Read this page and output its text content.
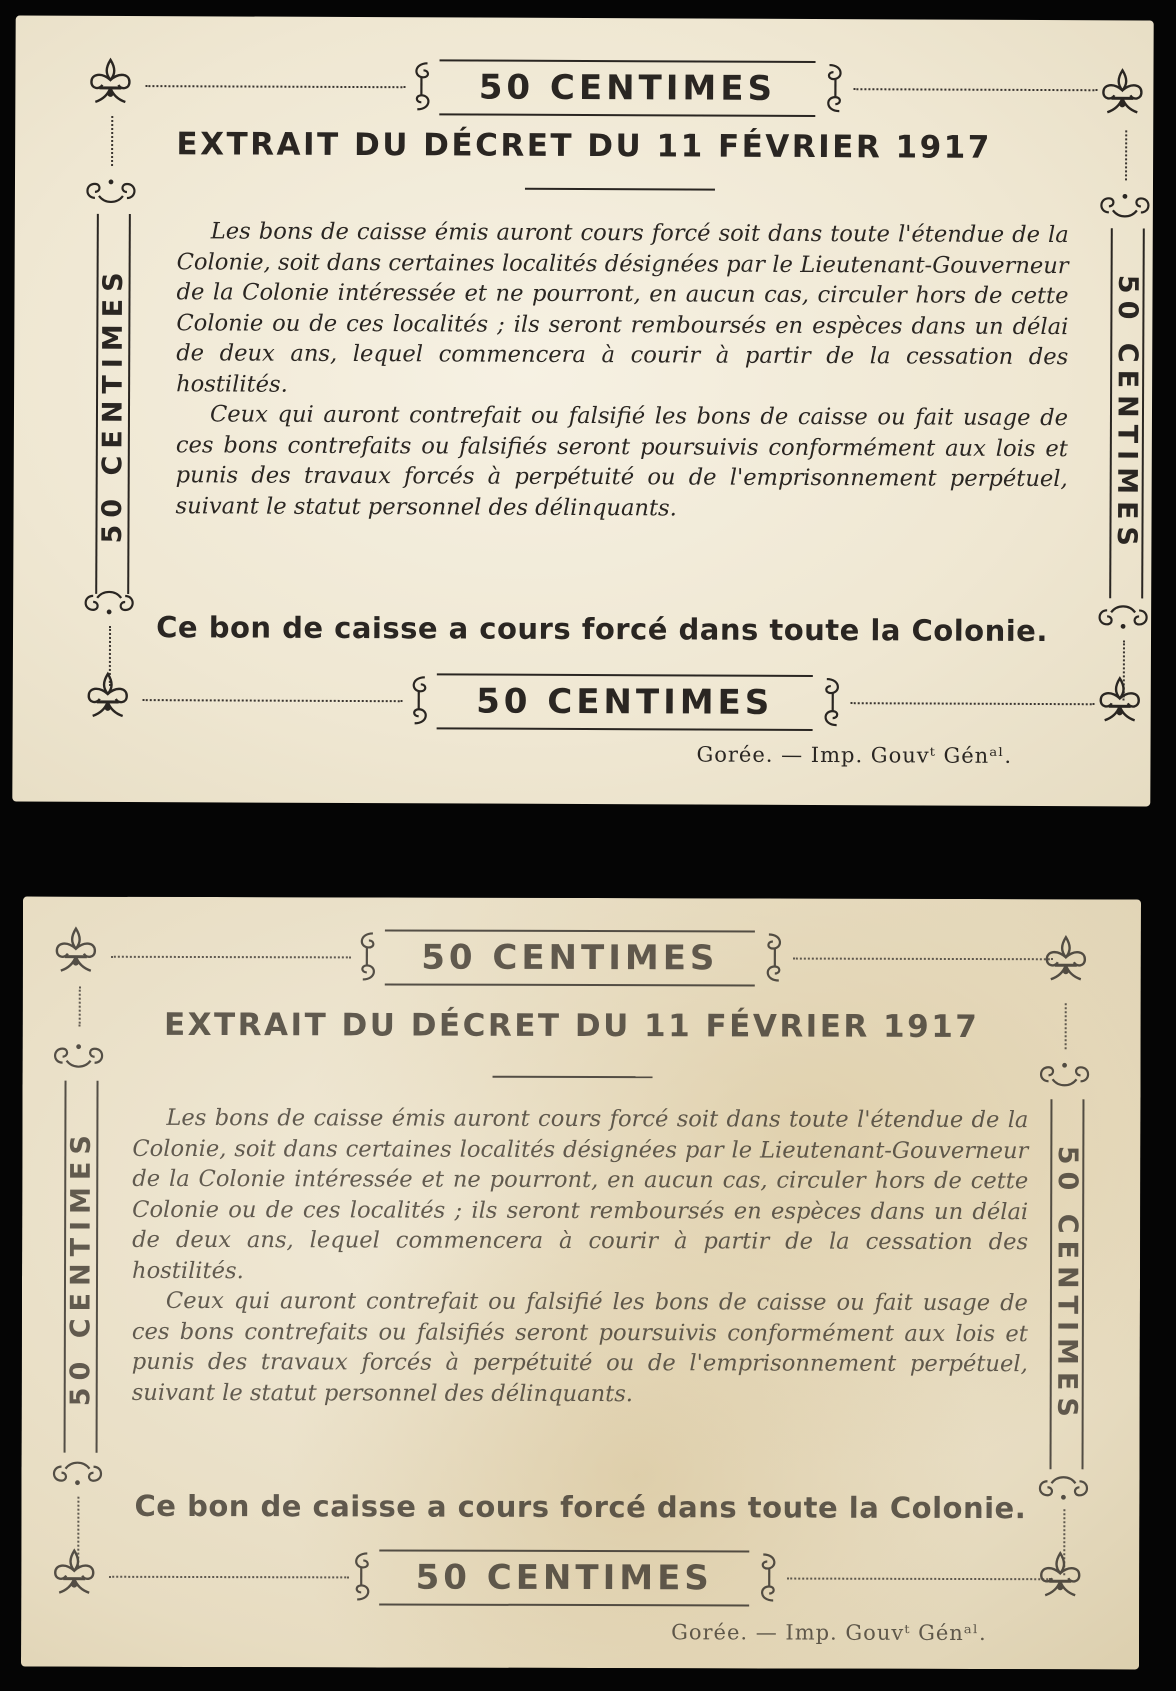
50 CENTIMES
50 CENTIMES	50 CENTIMES
EXTRAIT DU DÉCRET DU 11 FÉVRIER 1917

Les bons de caisse émis auront cours forcé soit dans toute l'étendue de la Colonie, soit dans certaines localités désignées par le Lieutenant-Gouverneur de la Colonie intéressée et ne pourront, en aucun cas, circuler hors de cette Colonie ou de ces localités ; ils seront remboursés en espèces dans un délai de deux ans, lequel commencera à courir à partir de la cessation des hostilités.

Ceux qui auront contrefait ou falsifié les bons de caisse ou fait usage de ces bons contrefaits ou falsifiés seront poursuivis conformément aux lois et punis des travaux forcés à perpétuité ou de l'emprisonnement perpétuel, suivant le statut personnel des délinquants.

Ce bon de caisse a cours forcé dans toute la Colonie.
50 CENTIMES
Gorée. — Imp. Gouvᵗ Génᵃˡ.
50 CENTIMES
50 CENTIMES	50 CENTIMES
EXTRAIT DU DÉCRET DU 11 FÉVRIER 1917

Les bons de caisse émis auront cours forcé soit dans toute l'étendue de la Colonie, soit dans certaines localités désignées par le Lieutenant-Gouverneur de la Colonie intéressée et ne pourront, en aucun cas, circuler hors de cette Colonie ou de ces localités ; ils seront remboursés en espèces dans un délai de deux ans, lequel commencera à courir à partir de la cessation des hostilités.

Ceux qui auront contrefait ou falsifié les bons de caisse ou fait usage de ces bons contrefaits ou falsifiés seront poursuivis conformément aux lois et punis des travaux forcés à perpétuité ou de l'emprisonnement perpétuel, suivant le statut personnel des délinquants.

Ce bon de caisse a cours forcé dans toute la Colonie.
50 CENTIMES
Gorée. — Imp. Gouvᵗ Génᵃˡ.
